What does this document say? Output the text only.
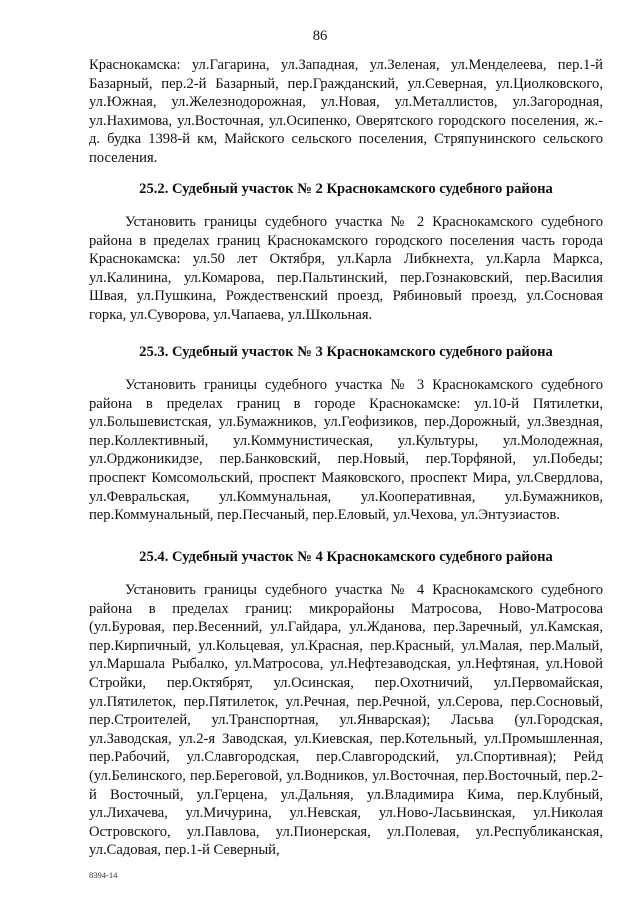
86

Краснокамска: ул.Гагарина, ул.Западная, ул.Зеленая, ул.Менделеева, пер.1-й Базарный, пер.2-й Базарный, пер.Гражданский, ул.Северная, ул.Циолковского, ул.Южная, ул.Железнодорожная, ул.Новая, ул.Металлистов, ул.Загородная, ул.Нахимова, ул.Восточная, ул.Осипенко, Оверятского городского поселения, ж.-д. будка 1398-й км, Майского сельского поселения, Стряпунинского сельского поселения.

25.2. Судебный участок № 2 Краснокамского судебного района

Установить границы судебного участка № 2 Краснокамского судебного района в пределах границ Краснокамского городского поселения часть города Краснокамска: ул.50 лет Октября, ул.Карла Либкнехта, ул.Карла Маркса, ул.Калинина, ул.Комарова, пер.Пальтинский, пер.Гознаковский, пер.Василия Швая, ул.Пушкина, Рождественский проезд, Рябиновый проезд, ул.Сосновая горка, ул.Суворова, ул.Чапаева, ул.Школьная.

25.3. Судебный участок № 3 Краснокамского судебного района

Установить границы судебного участка № 3 Краснокамского судебного района в пределах границ в городе Краснокамске: ул.10-й Пятилетки, ул.Большевистская, ул.Бумажников, ул.Геофизиков, пер.Дорожный, ул.Звездная, пер.Коллективный, ул.Коммунистическая, ул.Культуры, ул.Молодежная, ул.Орджоникидзе, пер.Банковский, пер.Новый, пер.Торфяной, ул.Победы; проспект Комсомольский, проспект Маяковского, проспект Мира, ул.Свердлова, ул.Февральская, ул.Коммунальная, ул.Кооперативная, ул.Бумажников, пер.Коммунальный, пер.Песчаный, пер.Еловый, ул.Чехова, ул.Энтузиастов.

25.4. Судебный участок № 4 Краснокамского судебного района

Установить границы судебного участка № 4 Краснокамского судебного района в пределах границ: микрорайоны Матросова, Ново-Матросова (ул.Буровая, пер.Весенний, ул.Гайдара, ул.Жданова, пер.Заречный, ул.Камская, пер.Кирпичный, ул.Кольцевая, ул.Красная, пер.Красный, ул.Малая, пер.Малый, ул.Маршала Рыбалко, ул.Матросова, ул.Нефтезаводская, ул.Нефтяная, ул.Новой Стройки, пер.Октябрят, ул.Осинская, пер.Охотничий, ул.Первомайская, ул.Пятилеток, пер.Пятилеток, ул.Речная, пер.Речной, ул.Серова, пер.Сосновый, пер.Строителей, ул.Транспортная, ул.Январская); Ласьва (ул.Городская, ул.Заводская, ул.2-я Заводская, ул.Киевская, пер.Котельный, ул.Промышленная, пер.Рабочий, ул.Славгородская, пер.Славгородский, ул.Спортивная); Рейд (ул.Белинского, пер.Береговой, ул.Водников, ул.Восточная, пер.Восточный, пер.2-й Восточный, ул.Герцена, ул.Дальняя, ул.Владимира Кима, пер.Клубный, ул.Лихачева, ул.Мичурина, ул.Невская, ул.Ново-Ласьвинская, ул.Николая Островского, ул.Павлова, ул.Пионерская, ул.Полевая, ул.Республиканская, ул.Садовая, пер.1-й Северный,

8394-14
